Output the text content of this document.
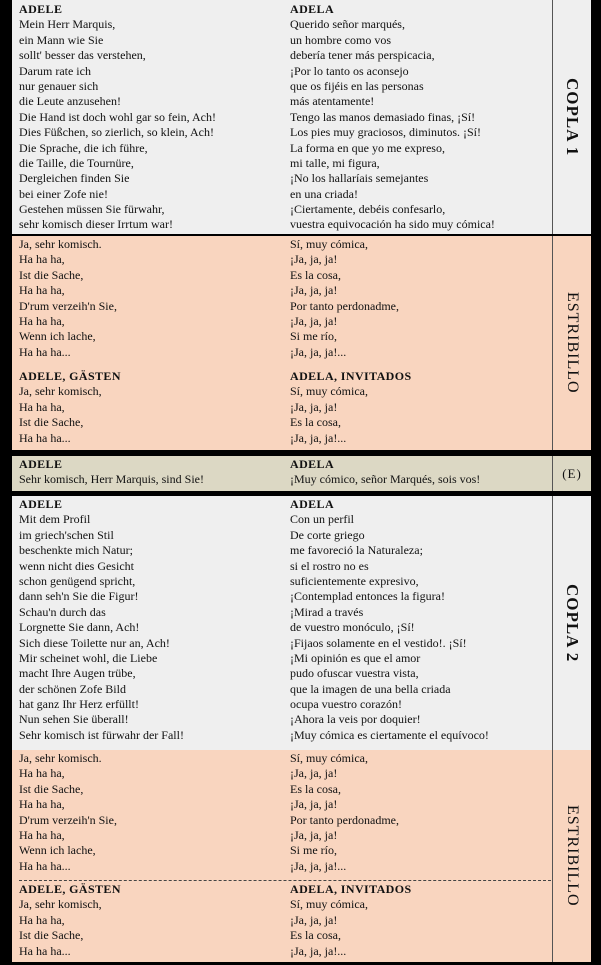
ADELE
Mein Herr Marquis,
ein Mann wie Sie
sollt' besser das verstehen,
Darum rate ich
nur genauer sich
die Leute anzusehen!
Die Hand ist doch wohl gar so fein, Ach!
Dies Füßchen, so zierlich, so klein, Ach!
Die Sprache, die ich führe,
die Taille, die Tournüre,
Dergleichen finden Sie
bei einer Zofe nie!
Gestehen müssen Sie fürwahr,
sehr komisch dieser Irrtum war!
ADELA
Querido señor marqués,
un hombre como vos
debería tener más perspicacia,
¡Por lo tanto os aconsejo
que os fijéis en las personas
más atentamente!
Tengo las manos demasiado finas, ¡Sí!
Los pies muy graciosos, diminutos. ¡Sí!
La forma en que yo me expreso,
mi talle, mi figura,
¡No los hallaríais semejantes
en una criada!
¡Ciertamente, debéis confesarlo,
vuestra equivocación ha sido muy cómica!
COPLA 1
Ja, sehr komisch.
Ha ha ha,
Ist die Sache,
Ha ha ha,
D'rum verzeih'n Sie,
Ha ha ha,
Wenn ich lache,
Ha ha ha...
Sí, muy cómica,
¡Ja, ja, ja!
Es la cosa,
¡Ja, ja, ja!
Por tanto perdonadme,
¡Ja, ja, ja!
Si me río,
¡Ja, ja, ja!...
ADELE, GÄSTEN
Ja, sehr komisch,
Ha ha ha,
Ist die Sache,
Ha ha ha...
ADELA, INVITADOS
Sí, muy cómica,
¡Ja, ja, ja!
Es la cosa,
¡Ja, ja, ja!...
ESTRIBILLO
ADELE
Sehr komisch, Herr Marquis, sind Sie!
ADELA
¡Muy cómico, señor Marqués, sois vos!	(E)
ADELE
Mit dem Profil
im griech'schen Stil
beschenkte mich Natur;
wenn nicht dies Gesicht
schon genügend spricht,
dann seh'n Sie die Figur!
Schau'n durch das
Lorgnette Sie dann, Ach!
Sich diese Toilette nur an, Ach!
Mir scheinet wohl, die Liebe
macht Ihre Augen trübe,
der schönen Zofe Bild
hat ganz Ihr Herz erfüllt!
Nun sehen Sie überall!
Sehr komisch ist fürwahr der Fall!
ADELA
Con un perfil
De corte griego
me favoreció la Naturaleza;
si el rostro no es
suficientemente expresivo,
¡Contemplad entonces la figura!
¡Mirad a través
de vuestro monóculo, ¡Sí!
¡Fijaos solamente en el vestido!. ¡Sí!
¡Mi opinión es que el amor
pudo ofuscar vuestra vista,
que la imagen de una bella criada
ocupa vuestro corazón!
¡Ahora la veis por doquier!
¡Muy cómica es ciertamente el equívoco!
COPLA 2
Ja, sehr komisch.
Ha ha ha,
Ist die Sache,
Ha ha ha,
D'rum verzeih'n Sie,
Ha ha ha,
Wenn ich lache,
Ha ha ha...
Sí, muy cómica,
¡Ja, ja, ja!
Es la cosa,
¡Ja, ja, ja!
Por tanto perdonadme,
¡Ja, ja, ja!
Si me río,
¡Ja, ja, ja!...
ADELE, GÄSTEN
Ja, sehr komisch,
Ha ha ha,
Ist die Sache,
Ha ha ha...
ADELA, INVITADOS
Sí, muy cómica,
¡Ja, ja, ja!
Es la cosa,
¡Ja, ja, ja!...
ESTRIBILLO
